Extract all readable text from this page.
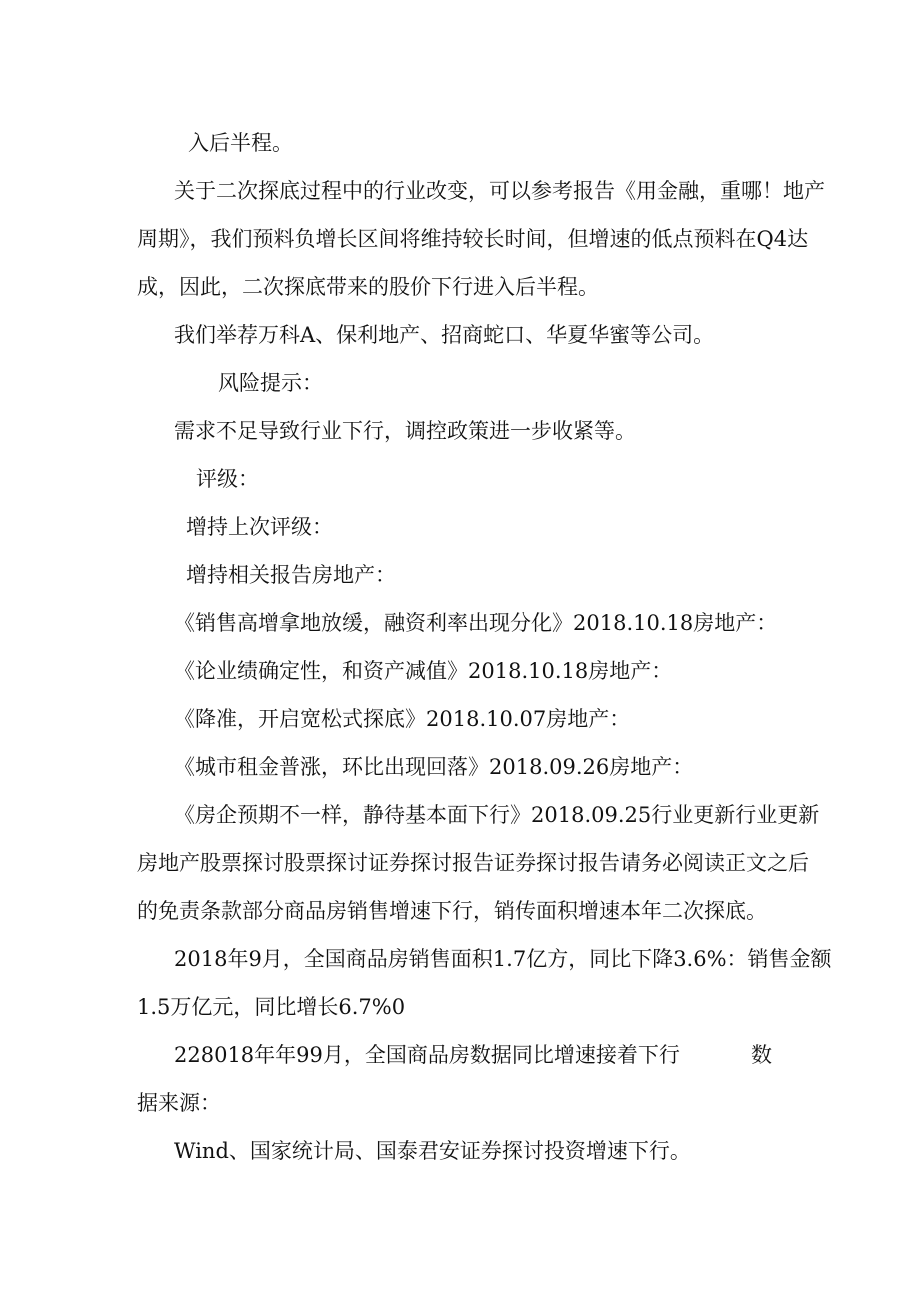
入后半程。

关于二次探底过程中的行业改变，可以参考报告《用金融，重哪！地产

周期》，我们预料负增长区间将维持较长时间，但增速的低点预料在Q4达

成，因此，二次探底带来的股价下行进入后半程。

我们举荐万科A、保利地产、招商蛇口、华夏华蜜等公司。

风险提示：

需求不足导致行业下行，调控政策进一步收紧等。

评级：

增持上次评级：

增持相关报告房地产：

《销售高增拿地放缓，融资利率出现分化》2018.10.18房地产：

《论业绩确定性，和资产减值》2018.10.18房地产：

《降准，开启宽松式探底》2018.10.07房地产：

《城市租金普涨，环比出现回落》2018.09.26房地产：

《房企预期不一样，静待基本面下行》2018.09.25行业更新行业更新

房地产股票探讨股票探讨证券探讨报告证券探讨报告请务必阅读正文之后

的免责条款部分商品房销售增速下行，销传面积增速本年二次探底。

2018年9月，全国商品房销售面积1.7亿方，同比下降3.6%：销售金额

1.5万亿元，同比增长6.7%0

228018年年99月，全国商品房数据同比增速接着下行	数

据来源：

Wind、国家统计局、国泰君安证券探讨投资增速下行。
